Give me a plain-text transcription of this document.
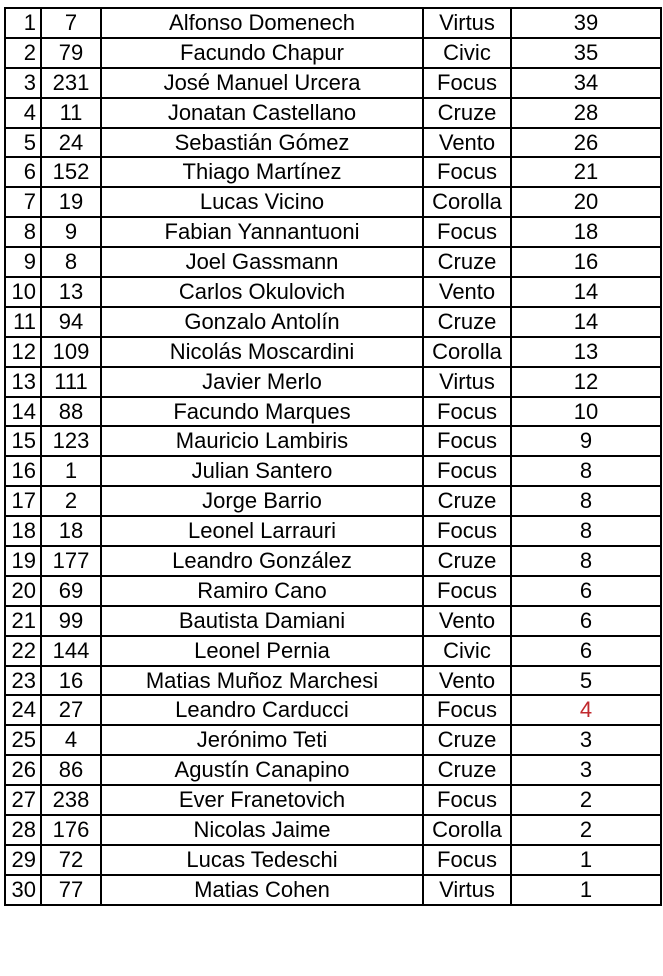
1	7	Alfonso Domenech	Virtus	39
2	79	Facundo Chapur	Civic	35
3	231	José Manuel Urcera	Focus	34
4	11	Jonatan Castellano	Cruze	28
5	24	Sebastián Gómez	Vento	26
6	152	Thiago Martínez	Focus	21
7	19	Lucas Vicino	Corolla	20
8	9	Fabian Yannantuoni	Focus	18
9	8	Joel Gassmann	Cruze	16
10	13	Carlos Okulovich	Vento	14
11	94	Gonzalo Antolín	Cruze	14
12	109	Nicolás Moscardini	Corolla	13
13	111	Javier Merlo	Virtus	12
14	88	Facundo Marques	Focus	10
15	123	Mauricio Lambiris	Focus	9
16	1	Julian Santero	Focus	8
17	2	Jorge Barrio	Cruze	8
18	18	Leonel Larrauri	Focus	8
19	177	Leandro González	Cruze	8
20	69	Ramiro Cano	Focus	6
21	99	Bautista Damiani	Vento	6
22	144	Leonel Pernia	Civic	6
23	16	Matias Muñoz Marchesi	Vento	5
24	27	Leandro Carducci	Focus	4
25	4	Jerónimo Teti	Cruze	3
26	86	Agustín Canapino	Cruze	3
27	238	Ever Franetovich	Focus	2
28	176	Nicolas Jaime	Corolla	2
29	72	Lucas Tedeschi	Focus	1
30	77	Matias Cohen	Virtus	1
